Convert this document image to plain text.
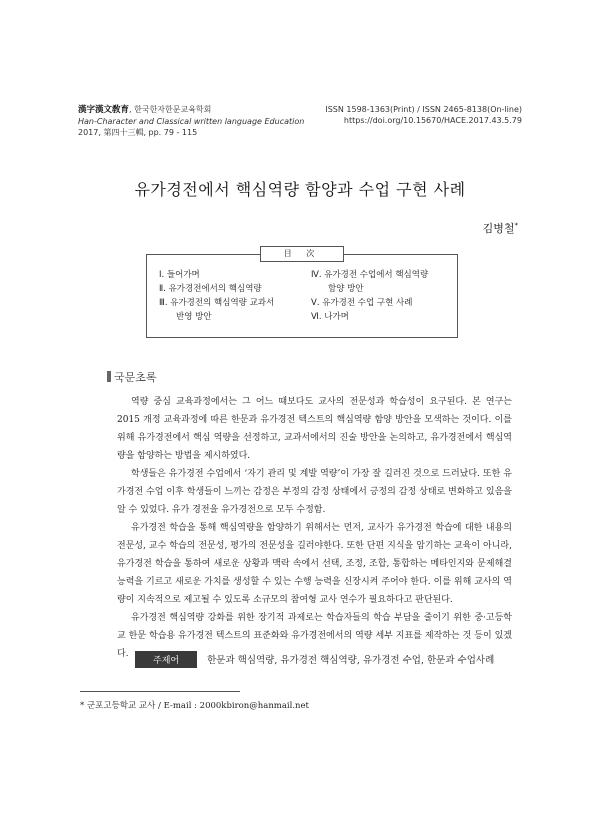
漢字漢文敎育, 한국한자한문교육학회
Han-Character and Classical written language Education
2017, 第四十三輯, pp. 79 - 115
ISSN 1598-1363(Print) / ISSN 2465-8138(On-line)
https://doi.org/10.15670/HACE.2017.43.5.79
유가경전에서 핵심역량 함양과 수업 구현 사례
김병철*
目 次
Ⅰ. 들어가며
Ⅱ. 유가경전에서의 핵심역량
Ⅲ. 유가경전의 핵심역량 교과서
반영 방안
Ⅳ. 유가경전 수업에서 핵심역량
함양 방안
Ⅴ. 유가경전 수업 구현 사례
Ⅵ. 나가며
국문초록

역량 중심 교육과정에서는 그 어느 때보다도 교사의 전문성과 학습성이 요구된다. 본 연구는 2015 개정 교육과정에 따른 한문과 유가경전 텍스트의 핵심역량 함양 방안을 모색하는 것이다. 이를 위해 유가경전에서 핵심 역량을 선정하고, 교과서에서의 진술 방안을 논의하고, 유가경전에서 핵심역량을 함양하는 방법을 제시하였다.

학생들은 유가경전 수업에서 ‘자기 관리 및 계발 역량’이 가장 잘 길러진 것으로 드러났다. 또한 유가경전 수업 이후 학생들이 느끼는 감정은 부정의 감정 상태에서 긍정의 감정 상태로 변화하고 있음을 알 수 있었다. 유가 경전을 유가경전으로 모두 수정함.

유가경전 학습을 통해 핵심역량을 함양하기 위해서는 먼저, 교사가 유가경전 학습에 대한 내용의 전문성, 교수 학습의 전문성, 평가의 전문성을 길러야한다. 또한 단편 지식을 암기하는 교육이 아니라, 유가경전 학습을 통하여 새로운 상황과 맥락 속에서 선택, 조정, 조합, 통합하는 메타인지와 문제해결 능력을 기르고 새로운 가치를 생성할 수 있는 수행 능력을 신장시켜 주어야 한다. 이를 위해 교사의 역량이 지속적으로 제고될 수 있도록 소규모의 참여형 교사 연수가 필요하다고 판단된다.

유가경전 핵심역량 강화를 위한 장기적 과제로는 학습자들의 학습 부담을 줄이기 위한 중·고등학교 한문 학습용 유가경전 텍스트의 표준화와 유가경전에서의 역량 세부 지표를 제작하는 것 등이 있겠다.

주제어	한문과 핵심역량, 유가경전 핵심역량, 유가경전 수업, 한문과 수업사례
* 군포고등학교 교사 / E-mail : 2000kbiron@hanmail.net
